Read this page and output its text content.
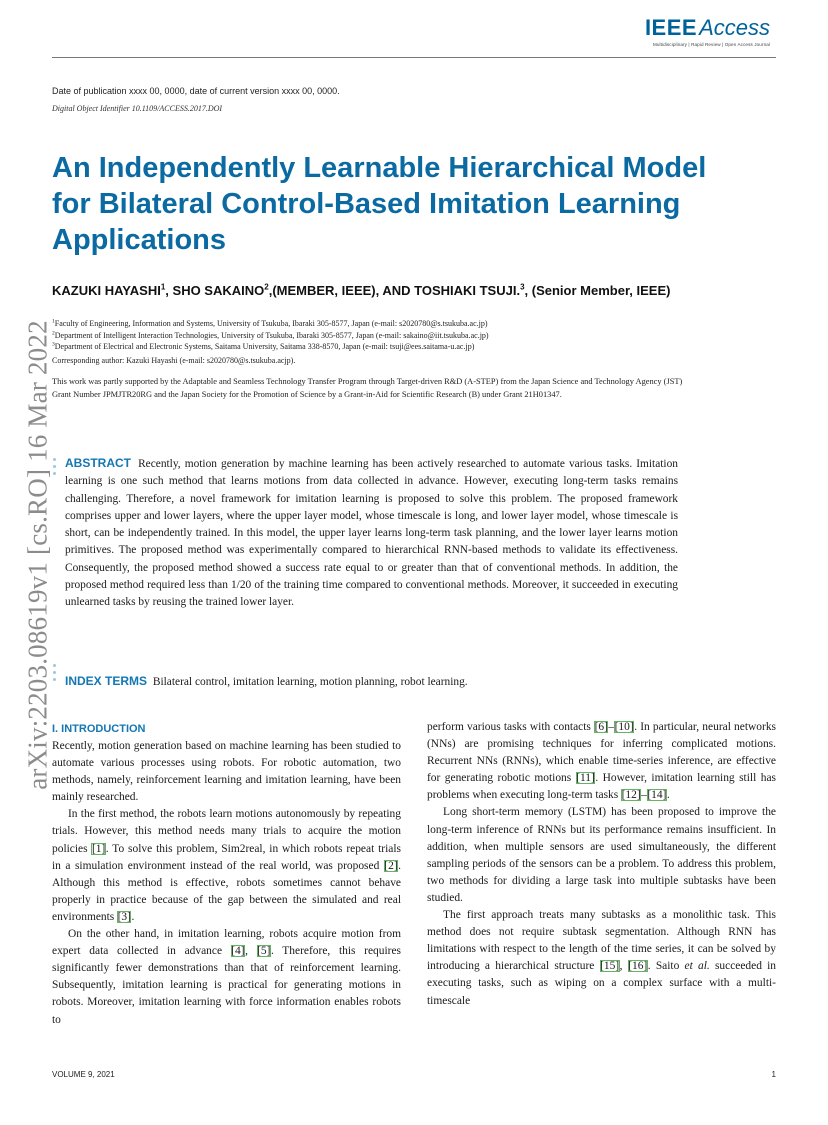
IEEEAccess
Multidisciplinary | Rapid Review | Open Access Journal
Date of publication xxxx 00, 0000, date of current version xxxx 00, 0000.
Digital Object Identifier 10.1109/ACCESS.2017.DOI
An Independently Learnable Hierarchical Model for Bilateral Control-Based Imitation Learning Applications
arXiv:2203.08619v1 [cs.RO] 16 Mar 2022
KAZUKI HAYASHI$^1$, SHO SAKAINO$^2$,(MEMBER, IEEE), AND TOSHIAKI TSUJI.$^3$, (Senior Member, IEEE)
$^1$Faculty of Engineering, Information and Systems, University of Tsukuba, Ibaraki 305-8577, Japan (e-mail: s2020780@s.tsukuba.ac.jp)
$^2$Department of Intelligent Interaction Technologies, University of Tsukuba, Ibaraki 305-8577, Japan (e-mail: sakaino@iit.tsukuba.ac.jp)
$^3$Department of Electrical and Electronic Systems, Saitama University, Saitama 338-8570, Japan (e-mail: tsuji@ees.saitama-u.ac.jp)
Corresponding author: Kazuki Hayashi (e-mail: s2020780@s.tsukuba.acjp).
This work was partly supported by the Adaptable and Seamless Technology Transfer Program through Target-driven R&D (A-STEP) from the Japan Science and Technology Agency (JST) Grant Number JPMJTR20RG and the Japan Society for the Promotion of Science by a Grant-in-Aid for Scientific Research (B) under Grant 21H01347.
ABSTRACT Recently, motion generation by machine learning has been actively researched to automate various tasks. Imitation learning is one such method that learns motions from data collected in advance. However, executing long-term tasks remains challenging. Therefore, a novel framework for imitation learning is proposed to solve this problem. The proposed framework comprises upper and lower layers, where the upper layer model, whose timescale is long, and lower layer model, whose timescale is short, can be independently trained. In this model, the upper layer learns long-term task planning, and the lower layer learns motion primitives. The proposed method was experimentally compared to hierarchical RNN-based methods to validate its effectiveness. Consequently, the proposed method showed a success rate equal to or greater than that of conventional methods. In addition, the proposed method required less than 1/20 of the training time compared to conventional methods. Moreover, it succeeded in executing unlearned tasks by reusing the trained lower layer.
INDEX TERMS Bilateral control, imitation learning, motion planning, robot learning.
I. INTRODUCTION

Recently, motion generation based on machine learning has been studied to automate various processes using robots. For robotic automation, two methods, namely, reinforcement learning and imitation learning, have been mainly researched.

In the first method, the robots learn motions autonomously by repeating trials. However, this method needs many trials to acquire the motion policies [1]. To solve this problem, Sim2real, in which robots repeat trials in a simulation environment instead of the real world, was proposed [2]. Although this method is effective, robots sometimes cannot behave properly in practice because of the gap between the simulated and real environments [3].

On the other hand, in imitation learning, robots acquire motion from expert data collected in advance [4], [5]. Therefore, this requires significantly fewer demonstrations than that of reinforcement learning. Subsequently, imitation learning is practical for generating motions in robots. Moreover, imitation learning with force information enables robots to

perform various tasks with contacts [6]–[10]. In particular, neural networks (NNs) are promising techniques for inferring complicated motions. Recurrent NNs (RNNs), which enable time-series inference, are effective for generating robotic motions [11]. However, imitation learning still has problems when executing long-term tasks [12]–[14].

Long short-term memory (LSTM) has been proposed to improve the long-term inference of RNNs but its performance remains insufficient. In addition, when multiple sensors are used simultaneously, the different sampling periods of the sensors can be a problem. To address this problem, two methods for dividing a large task into multiple subtasks have been studied.

The first approach treats many subtasks as a monolithic task. This method does not require subtask segmentation. Although RNN has limitations with respect to the length of the time series, it can be solved by introducing a hierarchical structure [15], [16]. Saito et al. succeeded in executing tasks, such as wiping on a complex surface with a multi-timescale

VOLUME 9, 2021	1
